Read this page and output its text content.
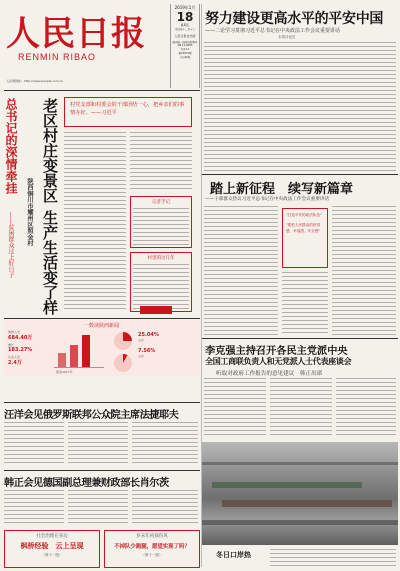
人民日报
RENMIN RIBAO
人民网网址：http://www.people.com.cn
2019年1月
18
星期五
戊戌年十二月十三
人民日报社出版
国内统一连续出版物号
CN 11-0065
代号1-1
第25675期
今日20版
努力建设更高水平的平安中国
——二论学习贯彻习近平总书记在中央政法工作会议重要讲话
本报评论员
总书记的深情牵挂
——贫困群众过上好日子
村党支部和村委会的干部团结一心，把乡亲们的事情办好。——习近平
老区村庄变景区
生产生活变了样
陕西铜川市耀州区照金村	记者手记
村里的这几年
踏上新征程　续写新篇章
——干部群众热议习近平总书记在中央政法工作会议重要讲话
"打造平安的政法队伍"
"要把人民群众的获得感、幸福感、安全感"
李克强主持召开各民主党派中央
全国工商联负责人和无党派人士代表座谈会
听取对政府工作报告的意见建议　韩正出席
一数读陕西新闻
旅游人次
684.40万
增长
183.27%
从业人员
2.4万
照金2017年
25.04%
占比
7.56%
占比
汪洋会见俄罗斯联邦公众院主席法捷耶夫
韩正会见德国副总理兼财政部长肖尔茨
社会治理在身边
枫桥经验　云上呈现
（第十一版）
岁末年初探伤风
不掉队少跑腿，愿望实现了吗？
（第十一版）	冬日口岸热
